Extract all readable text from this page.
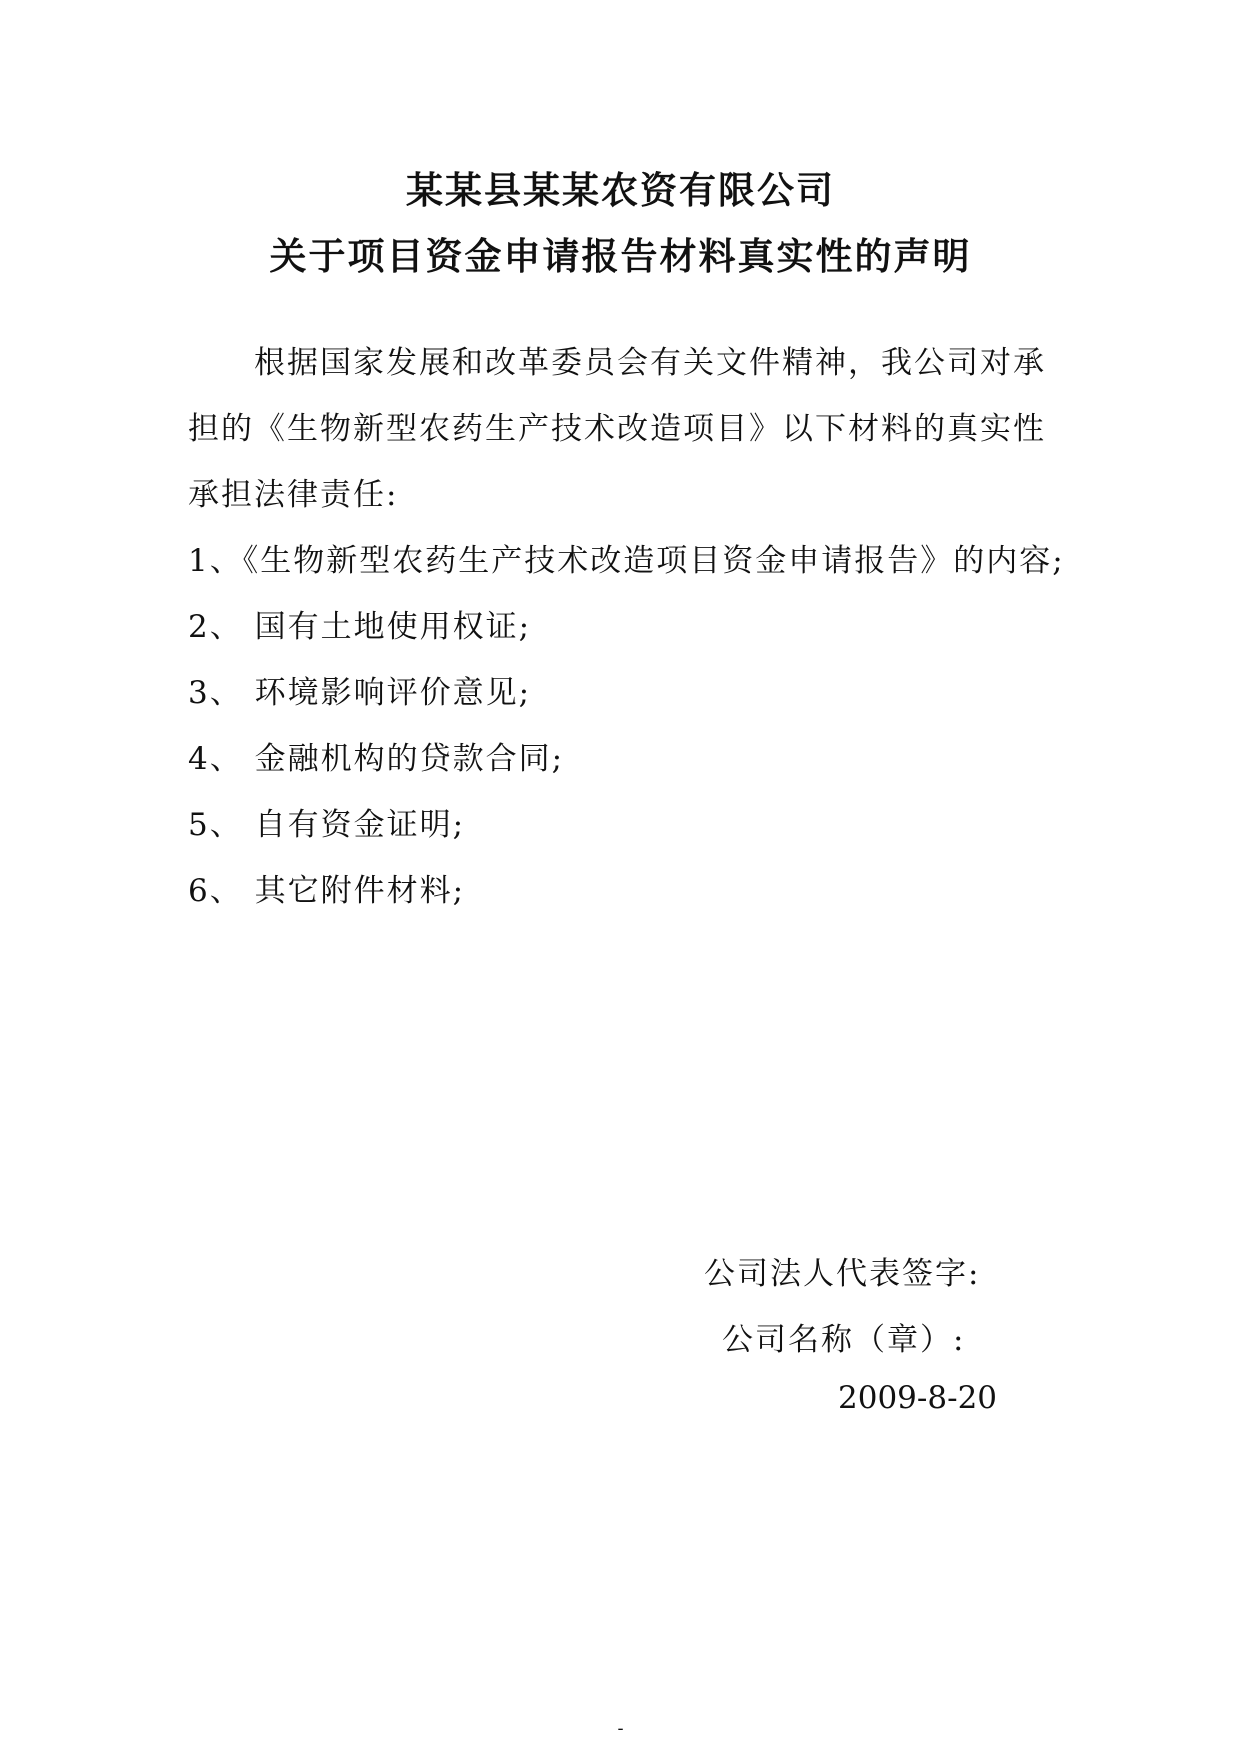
某某县某某农资有限公司
关于项目资金申请报告材料真实性的声明

根据国家发展和改革委员会有关文件精神，我公司对承担的《生物新型农药生产技术改造项目》以下材料的真实性承担法律责任:

1、《生物新型农药生产技术改造项目资金申请报告》的内容;
2、 国有土地使用权证;
3、 环境影响评价意见;
4、 金融机构的贷款合同;
5、 自有资金证明;
6、 其它附件材料;
公司法人代表签字:
公司名称（章）:
2009-8-20
-
